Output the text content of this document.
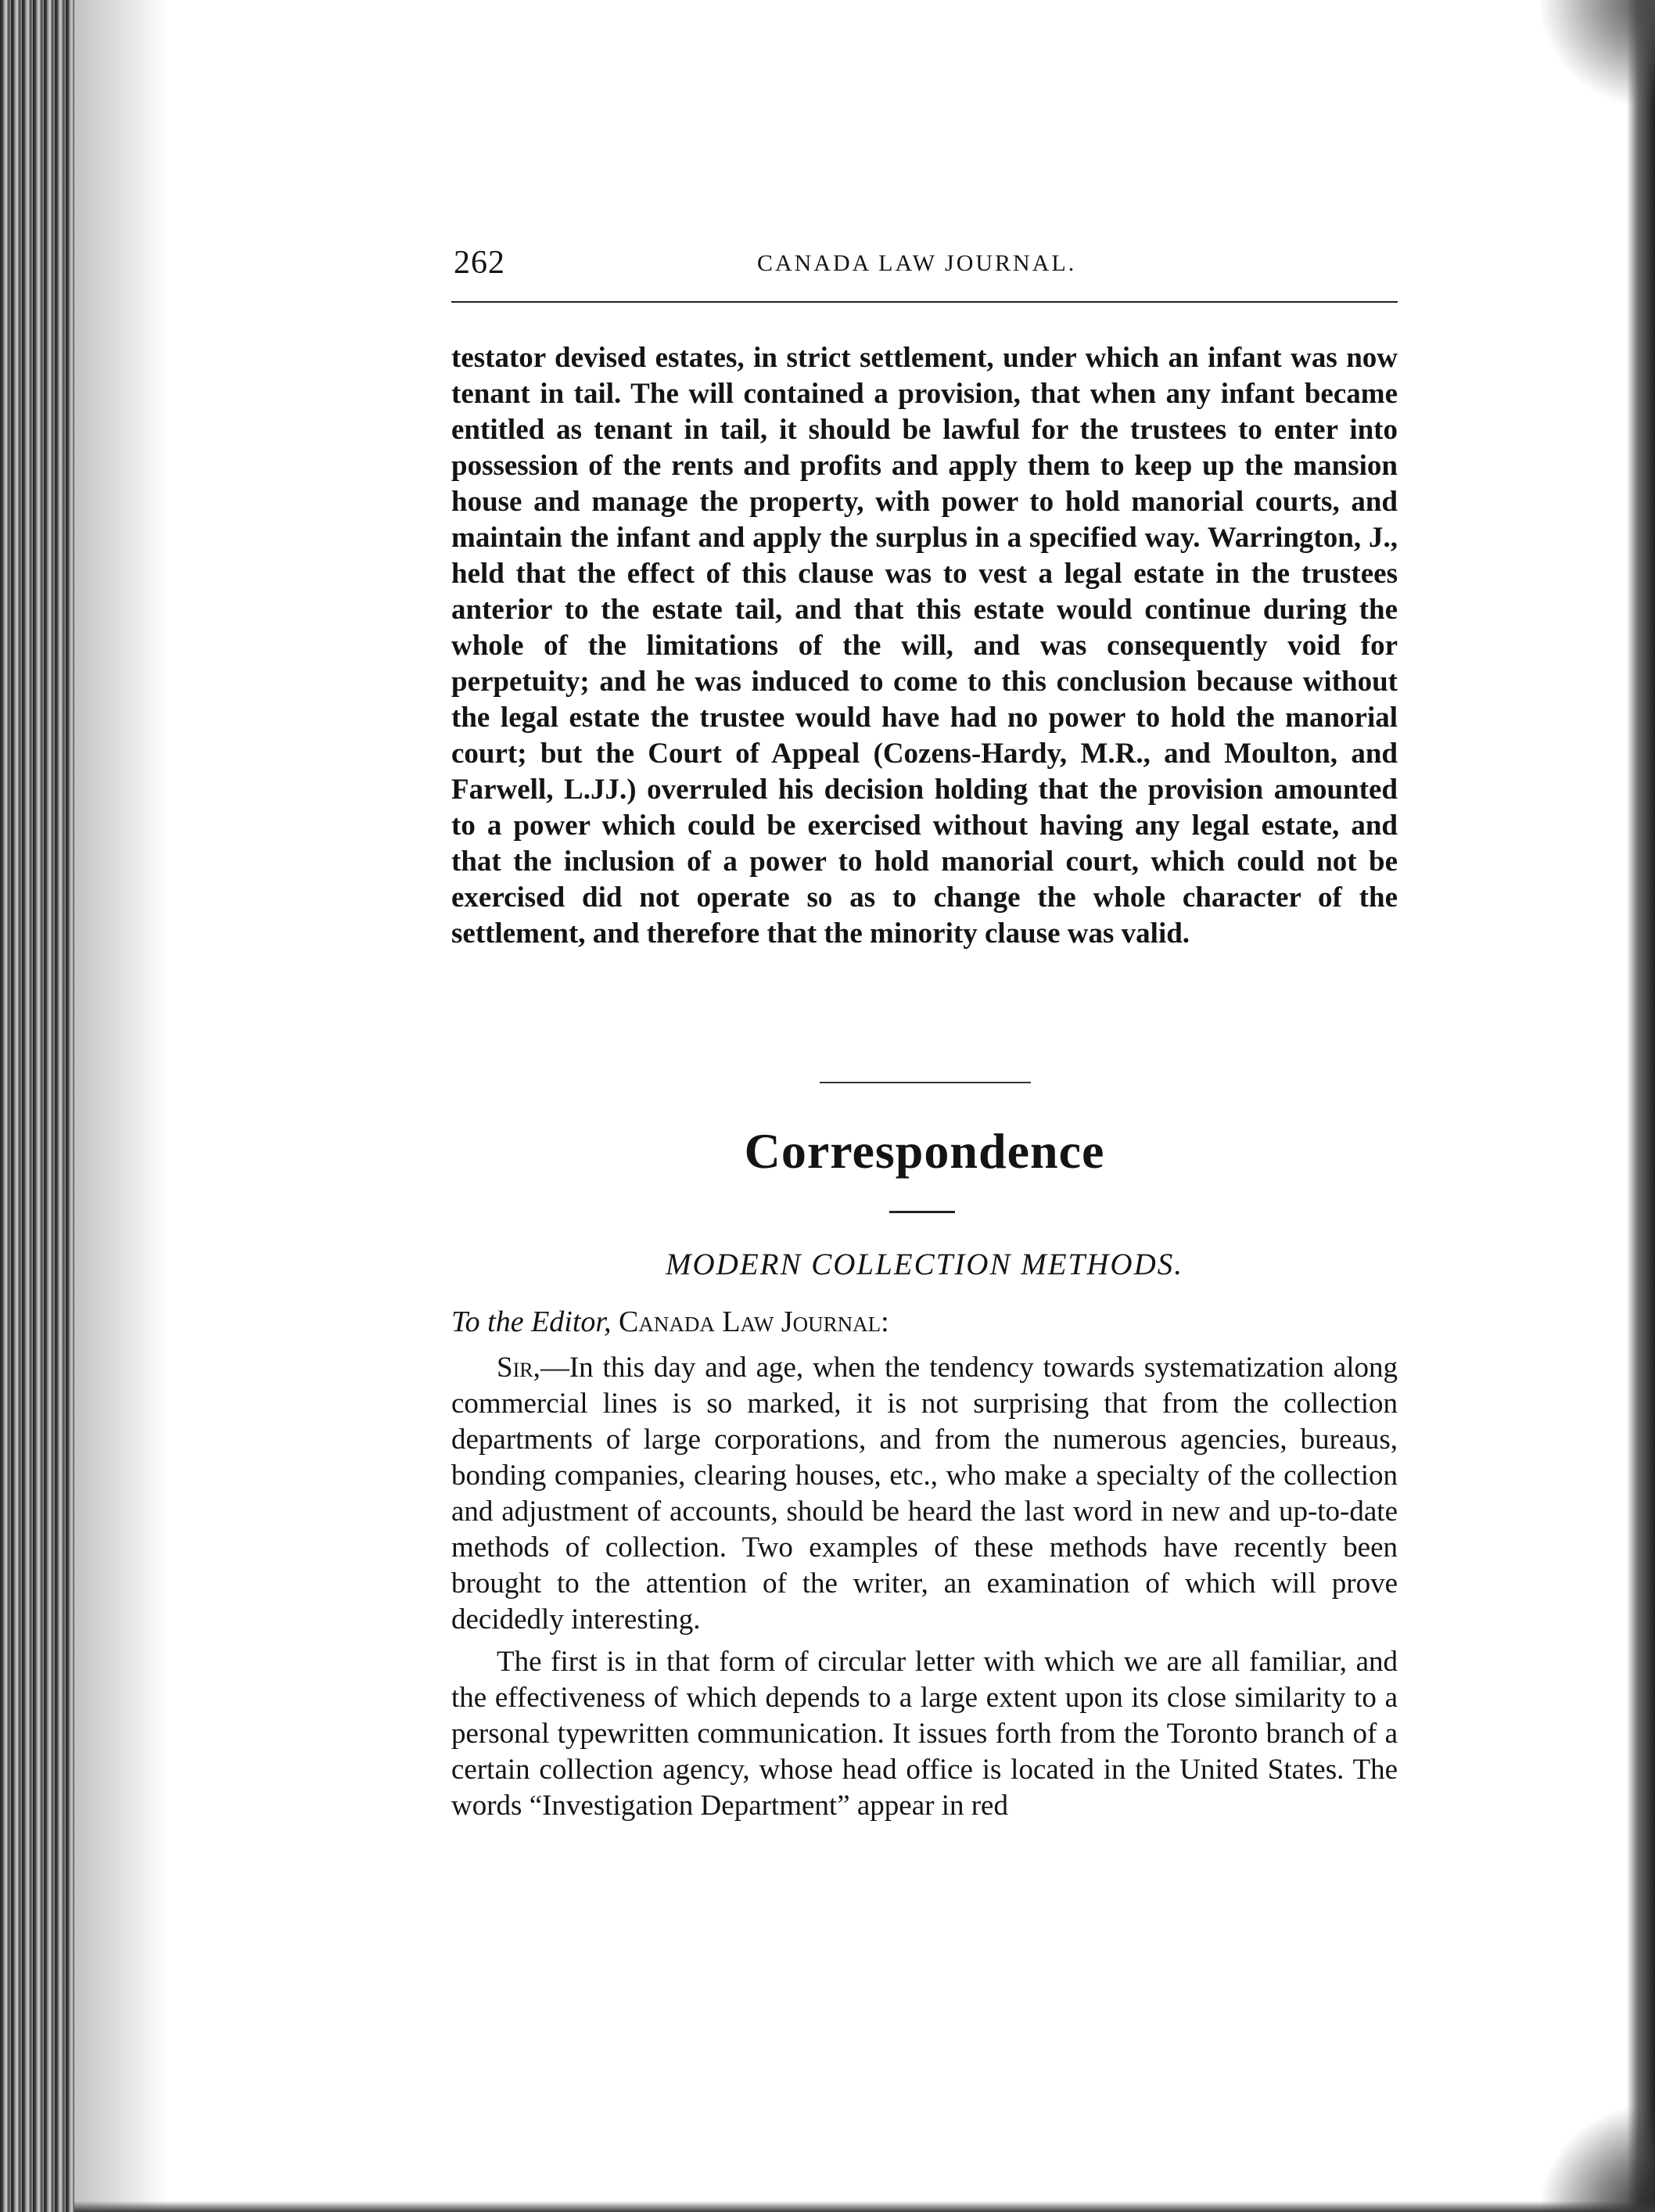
262	CANADA LAW JOURNAL.

testator devised estates, in strict settlement, under which an infant was now tenant in tail. The will contained a provision, that when any infant became entitled as tenant in tail, it should be lawful for the trustees to enter into possession of the rents and profits and apply them to keep up the mansion house and manage the property, with power to hold manorial courts, and maintain the infant and apply the surplus in a specified way. Warrington, J., held that the effect of this clause was to vest a legal estate in the trustees anterior to the estate tail, and that this estate would continue during the whole of the limitations of the will, and was consequently void for perpetuity; and he was induced to come to this conclusion because without the legal estate the trustee would have had no power to hold the manorial court; but the Court of Appeal (Cozens-Hardy, M.R., and Moulton, and Farwell, L.JJ.) overruled his decision holding that the provision amounted to a power which could be exercised without having any legal estate, and that the inclusion of a power to hold manorial court, which could not be exercised did not operate so as to change the whole character of the settlement, and therefore that the minority clause was valid.

Correspondence
MODERN COLLECTION METHODS.
To the Editor, Canada Law Journal:

Sir,—In this day and age, when the tendency towards systematization along commercial lines is so marked, it is not surprising that from the collection departments of large corporations, and from the numerous agencies, bureaus, bonding companies, clearing houses, etc., who make a specialty of the collection and adjustment of accounts, should be heard the last word in new and up-to-date methods of collection. Two examples of these methods have recently been brought to the attention of the writer, an examination of which will prove decidedly interesting.

The first is in that form of circular letter with which we are all familiar, and the effectiveness of which depends to a large extent upon its close similarity to a personal typewritten communication. It issues forth from the Toronto branch of a certain collection agency, whose head office is located in the United States. The words “Investigation Department” appear in red
